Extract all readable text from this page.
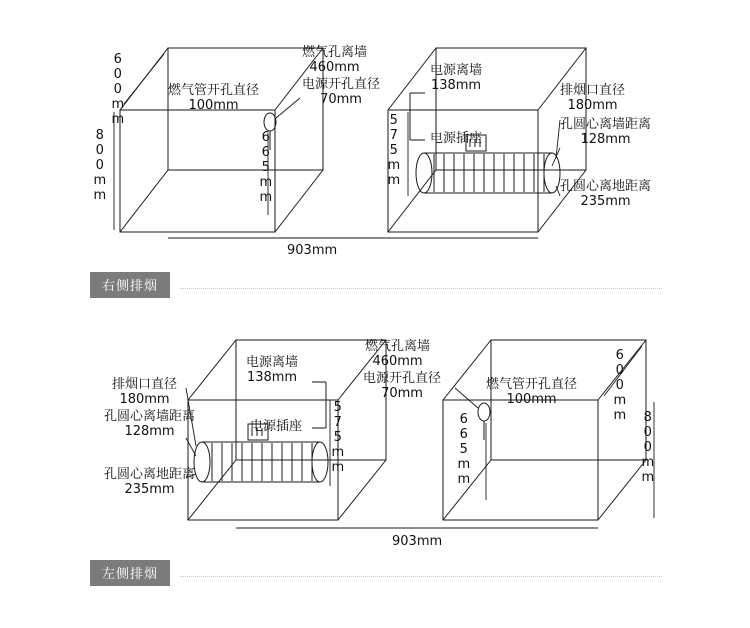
600mm
800mm
燃气管开孔直径
100mm
燃气孔离墙
460mm
电源开孔直径
70mm
电源离墙
138mm
电源插座
排烟口直径
180mm
孔圆心离墙距离
128mm
孔圆心离地距离
235mm
665mm	575mm
903mm
右侧排烟
电源离墙
138mm
燃气孔离墙
460mm
电源开孔直径
70mm
燃气管开孔直径
100mm
电源插座
排烟口直径
180mm
孔圆心离墙距离
128mm
孔圆心离地距离
235mm
600mm
800mm
665mm
575mm
903mm
左侧排烟
